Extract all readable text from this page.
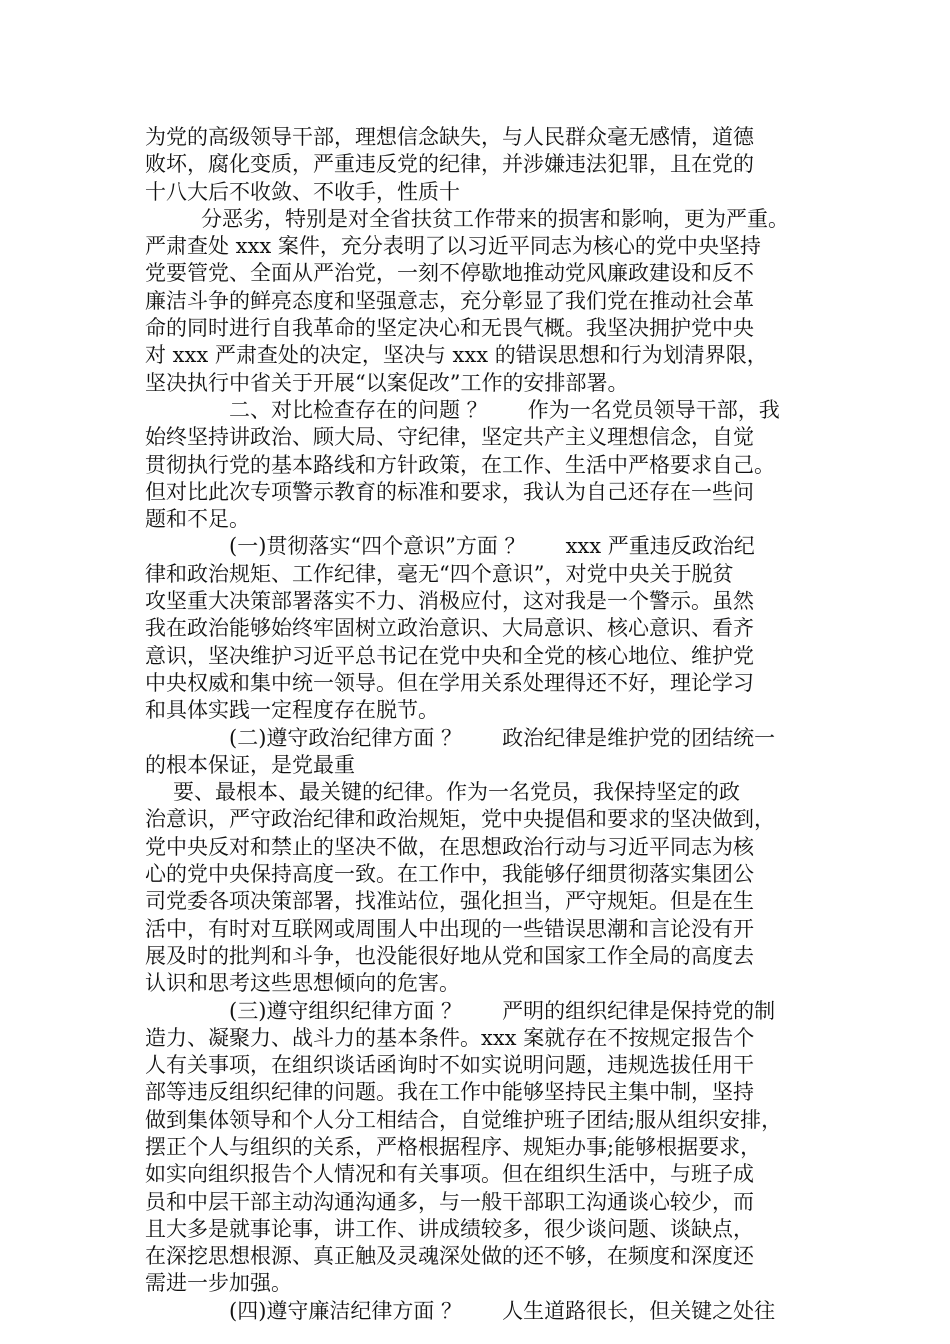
为党的高级领导干部，理想信念缺失，与人民群众毫无感情，道德
败坏，腐化变质，严重违反党的纪律，并涉嫌违法犯罪，且在党的
十八大后不收敛、不收手，性质十
分恶劣，特别是对全省扶贫工作带来的损害和影响，更为严重。
严肃查处 xxx 案件，充分表明了以习近平同志为核心的党中央坚持
党要管党、全面从严治党，一刻不停歇地推动党风廉政建设和反不
廉洁斗争的鲜亮态度和坚强意志，充分彰显了我们党在推动社会革
命的同时进行自我革命的坚定决心和无畏气概。我坚决拥护党中央
对 xxx 严肃查处的决定，坚决与 xxx 的错误思想和行为划清界限，
坚决执行中省关于开展“以案促改”工作的安排部署。
二、对比检查存在的问题 ？      作为一名党员领导干部，我
始终坚持讲政治、顾大局、守纪律，坚定共产主义理想信念，自觉
贯彻执行党的基本路线和方针政策，在工作、生活中严格要求自己。
但对比此次专项警示教育的标准和要求，我认为自己还存在一些问
题和不足。
(一)贯彻落实“四个意识”方面 ？      xxx 严重违反政治纪
律和政治规矩、工作纪律，毫无“四个意识”，对党中央关于脱贫
攻坚重大决策部署落实不力、消极应付，这对我是一个警示。虽然
我在政治能够始终牢固树立政治意识、大局意识、核心意识、看齐
意识，坚决维护习近平总书记在党中央和全党的核心地位、维护党
中央权威和集中统一领导。但在学用关系处理得还不好，理论学习
和具体实践一定程度存在脱节。
(二)遵守政治纪律方面 ？      政治纪律是维护党的团结统一
的根本保证，是党最重
要、最根本、最关键的纪律。作为一名党员，我保持坚定的政
治意识，严守政治纪律和政治规矩，党中央提倡和要求的坚决做到，
党中央反对和禁止的坚决不做，在思想政治行动与习近平同志为核
心的党中央保持高度一致。在工作中，我能够仔细贯彻落实集团公
司党委各项决策部署，找准站位，强化担当，严守规矩。但是在生
活中，有时对互联网或周围人中出现的一些错误思潮和言论没有开
展及时的批判和斗争，也没能很好地从党和国家工作全局的高度去
认识和思考这些思想倾向的危害。
(三)遵守组织纪律方面 ？      严明的组织纪律是保持党的制
造力、凝聚力、战斗力的基本条件。xxx 案就存在不按规定报告个
人有关事项，在组织谈话函询时不如实说明问题，违规选拔任用干
部等违反组织纪律的问题。我在工作中能够坚持民主集中制，坚持
做到集体领导和个人分工相结合，自觉维护班子团结;服从组织安排，
摆正个人与组织的关系，严格根据程序、规矩办事;能够根据要求，
如实向组织报告个人情况和有关事项。但在组织生活中，与班子成
员和中层干部主动沟通沟通多，与一般干部职工沟通谈心较少，而
且大多是就事论事，讲工作、讲成绩较多，很少谈问题、谈缺点，
在深挖思想根源、真正触及灵魂深处做的还不够，在频度和深度还
需进一步加强。
(四)遵守廉洁纪律方面 ？      人生道路很长，但关键之处往
